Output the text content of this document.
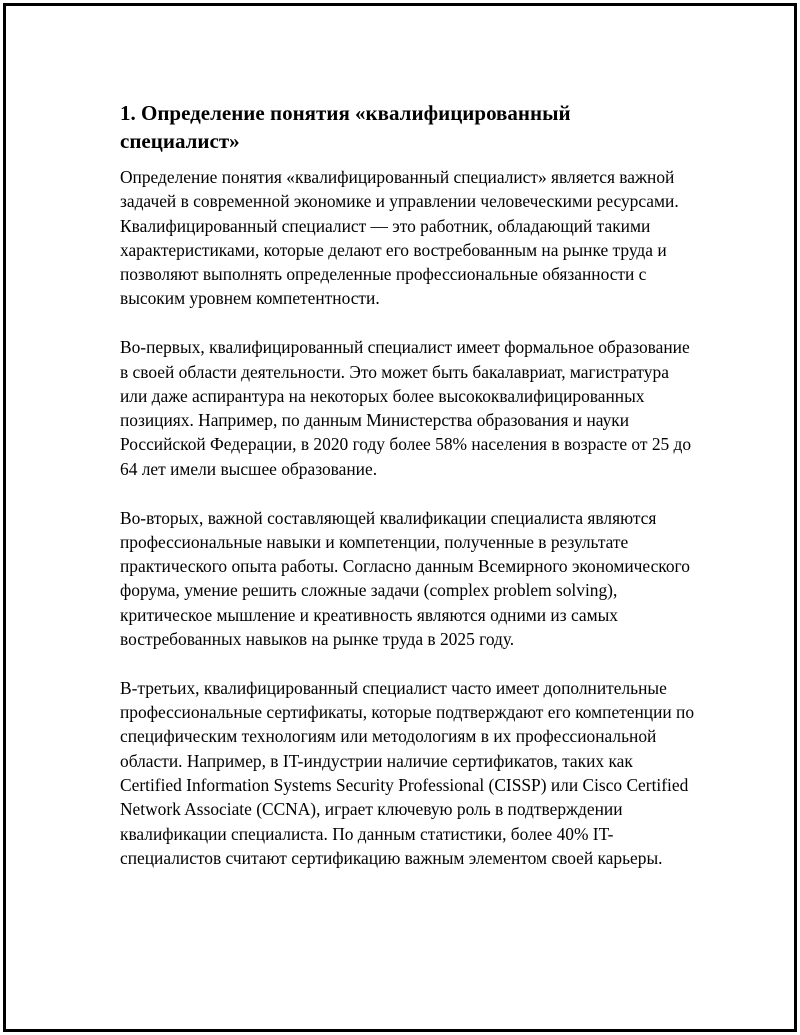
1. Определение понятия «квалифицированный специалист»

Определение понятия «квалифицированный специалист» является важной задачей в современной экономике и управлении человеческими ресурсами. Квалифицированный специалист — это работник, обладающий такими характеристиками, которые делают его востребованным на рынке труда и позволяют выполнять определенные профессиональные обязанности с высоким уровнем компетентности.

Во-первых, квалифицированный специалист имеет формальное образование в своей области деятельности. Это может быть бакалавриат, магистратура или даже аспирантура на некоторых более высококвалифицированных позициях. Например, по данным Министерства образования и науки Российской Федерации, в 2020 году более 58% населения в возрасте от 25 до 64 лет имели высшее образование.

Во-вторых, важной составляющей квалификации специалиста являются профессиональные навыки и компетенции, полученные в результате практического опыта работы. Согласно данным Всемирного экономического форума, умение решить сложные задачи (complex problem solving), критическое мышление и креативность являются одними из самых востребованных навыков на рынке труда в 2025 году.

В-третьих, квалифицированный специалист часто имеет дополнительные профессиональные сертификаты, которые подтверждают его компетенции по специфическим технологиям или методологиям в их профессиональной области. Например, в IT-индустрии наличие сертификатов, таких как Certified Information Systems Security Professional (CISSP) или Cisco Certified Network Associate (CCNA), играет ключевую роль в подтверждении квалификации специалиста. По данным статистики, более 40% IT-специалистов считают сертификацию важным элементом своей карьеры.
